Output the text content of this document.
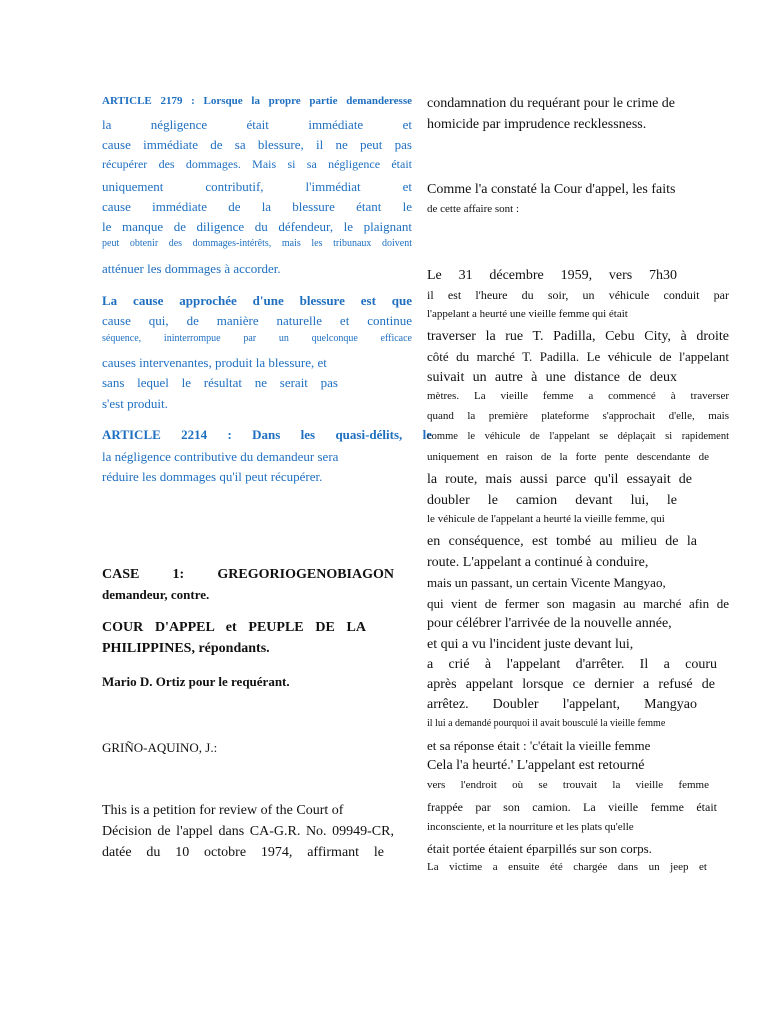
ARTICLE 2179 : Lorsque la propre partie demanderesse
la négligence était immédiate et
cause immédiate de sa blessure, il ne peut pas
récupérer des dommages. Mais si sa négligence était
uniquement contributif, l'immédiat et
cause immédiate de la blessure étant le
le manque de diligence du défendeur, le plaignant
peut obtenir des dommages-intérêts, mais les tribunaux doivent
atténuer les dommages à accorder.
La cause approchée d'une blessure est que
cause qui, de manière naturelle et continue
séquence, ininterrompue par un quelconque efficace
causes intervenantes, produit la blessure, et
sans lequel le résultat ne serait pas
s'est produit.
ARTICLE 2214 : Dans les quasi-délits, le
la négligence contributive du demandeur sera
réduire les dommages qu'il peut récupérer.
CASE 1: GREGORIOGENOBIAGON
demandeur, contre.
COUR D'APPEL et PEUPLE DE LA
PHILIPPINES, répondants.
Mario D. Ortiz pour le requérant.
GRIÑO-AQUINO, J.:
This is a petition for review of the Court of
Décision de l'appel dans CA-G.R. No. 09949-CR,
datée du 10 octobre 1974, affirmant le
condamnation du requérant pour le crime de
homicide par imprudence recklessness.
Comme l'a constaté la Cour d'appel, les faits
de cette affaire sont :
Le 31 décembre 1959, vers 7h30
il est l'heure du soir, un véhicule conduit par
l'appelant a heurté une vieille femme qui était
traverser la rue T. Padilla, Cebu City, à droite
côté du marché T. Padilla. Le véhicule de l'appelant
suivait un autre à une distance de deux
mètres. La vieille femme a commencé à traverser
quand la première plateforme s'approchait d'elle, mais
comme le véhicule de l'appelant se déplaçait si rapidement
uniquement en raison de la forte pente descendante de
la route, mais aussi parce qu'il essayait de
doubler le camion devant lui, le
le véhicule de l'appelant a heurté la vieille femme, qui
en conséquence, est tombé au milieu de la
route. L'appelant a continué à conduire,
mais un passant, un certain Vicente Mangyao,
qui vient de fermer son magasin au marché afin de
pour célébrer l'arrivée de la nouvelle année,
et qui a vu l'incident juste devant lui,
a crié à l'appelant d'arrêter. Il a couru
après appelant lorsque ce dernier a refusé de
arrêtez. Doubler l'appelant, Mangyao
il lui a demandé pourquoi il avait bousculé la vieille femme
et sa réponse était : 'c'était la vieille femme
Cela l'a heurté.' L'appelant est retourné
vers l'endroit où se trouvait la vieille femme
frappée par son camion. La vieille femme était
inconsciente, et la nourriture et les plats qu'elle
était portée étaient éparpillés sur son corps.
La victime a ensuite été chargée dans un jeep et
